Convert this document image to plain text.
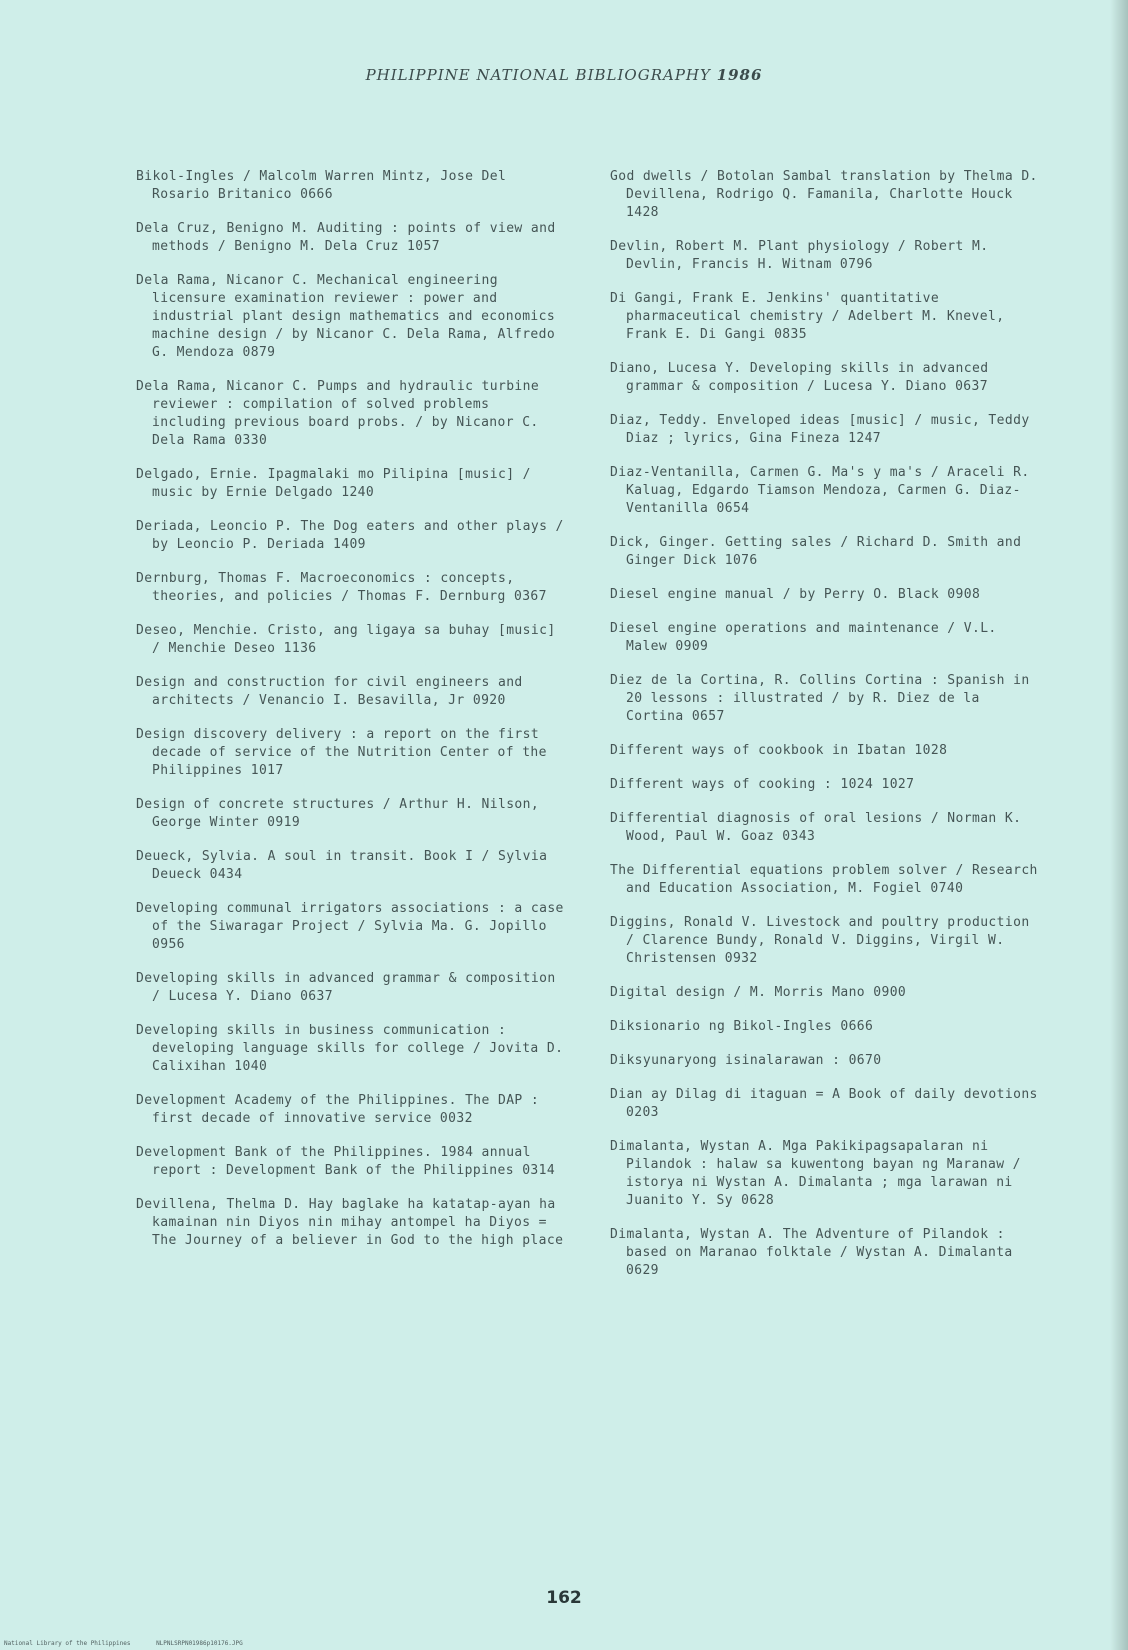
PHILIPPINE NATIONAL BIBLIOGRAPHY 1986
Bikol-Ingles / Malcolm Warren Mintz, Jose Del Rosario Britanico 0666
Dela Cruz, Benigno M. Auditing : points of view and methods / Benigno M. Dela Cruz 1057
Dela Rama, Nicanor C. Mechanical engineering licensure examination reviewer : power and industrial plant design mathematics and economics machine design / by Nicanor C. Dela Rama, Alfredo G. Mendoza 0879
Dela Rama, Nicanor C. Pumps and hydraulic turbine reviewer : compilation of solved problems including previous board probs. / by Nicanor C. Dela Rama 0330
Delgado, Ernie. Ipagmalaki mo Pilipina [music] / music by Ernie Delgado 1240
Deriada, Leoncio P. The Dog eaters and other plays / by Leoncio P. Deriada 1409
Dernburg, Thomas F. Macroeconomics : concepts, theories, and policies / Thomas F. Dernburg 0367
Deseo, Menchie. Cristo, ang ligaya sa buhay [music] / Menchie Deseo 1136
Design and construction for civil engineers and architects / Venancio I. Besavilla, Jr 0920
Design discovery delivery : a report on the first decade of service of the Nutrition Center of the Philippines 1017
Design of concrete structures / Arthur H. Nilson, George Winter 0919
Deueck, Sylvia. A soul in transit. Book I / Sylvia Deueck 0434
Developing communal irrigators associations : a case of the Siwaragar Project / Sylvia Ma. G. Jopillo 0956
Developing skills in advanced grammar & composition / Lucesa Y. Diano 0637
Developing skills in business communication : developing language skills for college / Jovita D. Calixihan 1040
Development Academy of the Philippines. The DAP : first decade of innovative service 0032
Development Bank of the Philippines. 1984 annual report : Development Bank of the Philippines 0314
Devillena, Thelma D. Hay baglake ha katatap-ayan ha kamainan nin Diyos nin mihay antompel ha Diyos = The Journey of a believer in God to the high place
God dwells / Botolan Sambal translation by Thelma D. Devillena, Rodrigo Q. Famanila, Charlotte Houck 1428
Devlin, Robert M. Plant physiology / Robert M. Devlin, Francis H. Witnam 0796
Di Gangi, Frank E. Jenkins' quantitative pharmaceutical chemistry / Adelbert M. Knevel, Frank E. Di Gangi 0835
Diano, Lucesa Y. Developing skills in advanced grammar & composition / Lucesa Y. Diano 0637
Diaz, Teddy. Enveloped ideas [music] / music, Teddy Diaz ; lyrics, Gina Fineza 1247
Diaz-Ventanilla, Carmen G. Ma's y ma's / Araceli R. Kaluag, Edgardo Tiamson Mendoza, Carmen G. Diaz-Ventanilla 0654
Dick, Ginger. Getting sales / Richard D. Smith and Ginger Dick 1076
Diesel engine manual / by Perry O. Black 0908
Diesel engine operations and maintenance / V.L. Malew 0909
Diez de la Cortina, R. Collins Cortina : Spanish in 20 lessons : illustrated / by R. Diez de la Cortina 0657
Different ways of cookbook in Ibatan 1028
Different ways of cooking : 1024 1027
Differential diagnosis of oral lesions / Norman K. Wood, Paul W. Goaz 0343
The Differential equations problem solver / Research and Education Association, M. Fogiel 0740
Diggins, Ronald V. Livestock and poultry production / Clarence Bundy, Ronald V. Diggins, Virgil W. Christensen 0932
Digital design / M. Morris Mano 0900
Diksionario ng Bikol-Ingles 0666
Diksyunaryong isinalarawan : 0670
Dian ay Dilag di itaguan = A Book of daily devotions 0203
Dimalanta, Wystan A. Mga Pakikipagsapalaran ni Pilandok : halaw sa kuwentong bayan ng Maranaw / istorya ni Wystan A. Dimalanta ; mga larawan ni Juanito Y. Sy 0628
Dimalanta, Wystan A. The Adventure of Pilandok : based on Maranao folktale / Wystan A. Dimalanta 0629
162
National Library of the Philippines	NLPNLSRPN01986p10176.JPG
